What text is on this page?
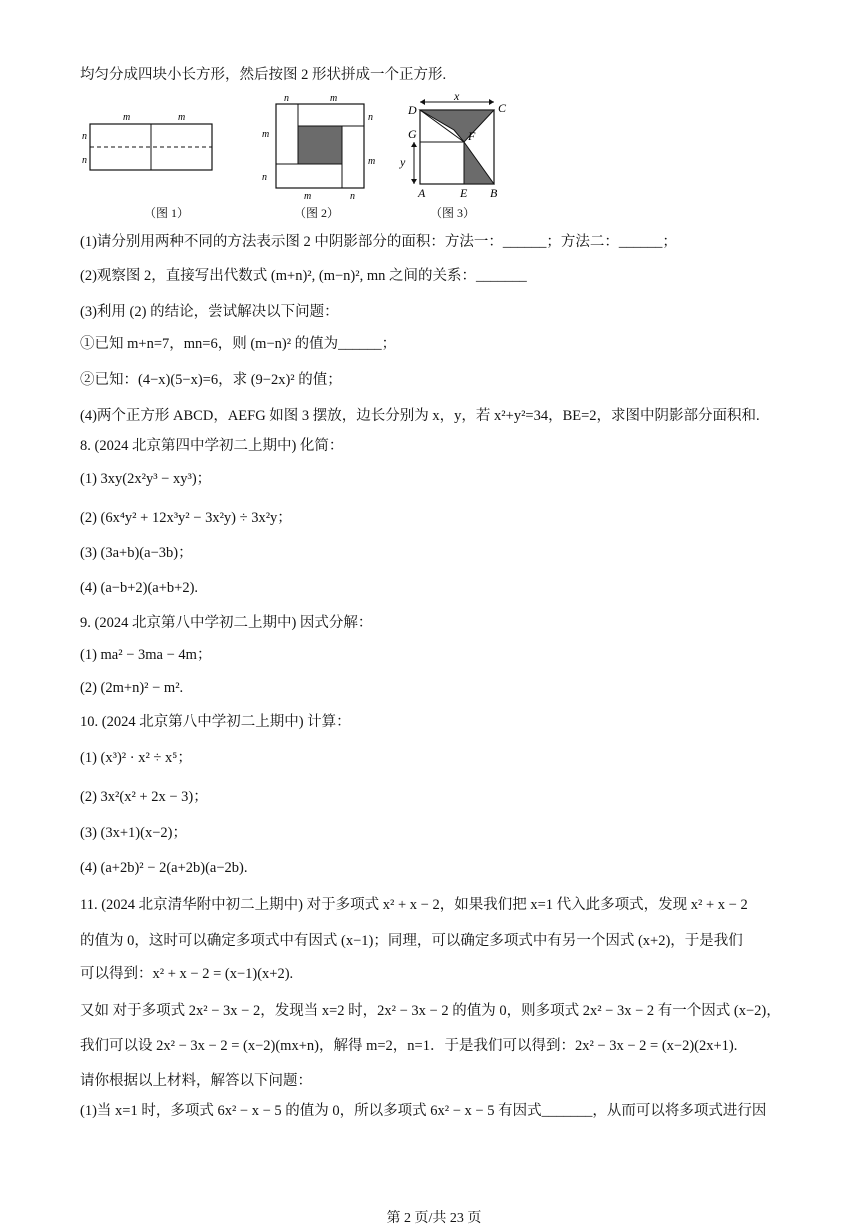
均匀分成四块小长方形，然后按图 2 形状拼成一个正方形.
m	m
n
n
（图 1）
n	m
m
n
m
n
m	n
（图 2）
x
D	C
G	F
y
A	E B
（图 3）
(1)请分别用两种不同的方法表示图 2 中阴影部分的面积：方法一：______；方法二：______；
(2)观察图 2，直接写出代数式 (m+n)², (m−n)², mn 之间的关系：_______
(3)利用 (2) 的结论，尝试解决以下问题：
①已知 m+n=7，mn=6，则 (m−n)² 的值为______；
②已知：(4−x)(5−x)=6，求 (9−2x)² 的值；
(4)两个正方形 ABCD，AEFG 如图 3 摆放，边长分别为 x，y，若 x²+y²=34，BE=2，求图中阴影部分面积和.
8. (2024 北京第四中学初二上期中) 化简：
(1) 3xy(2x²y³ − xy³)；
(2) (6x⁴y² + 12x³y² − 3x²y) ÷ 3x²y；
(3) (3a+b)(a−3b)；
(4) (a−b+2)(a+b+2).
9. (2024 北京第八中学初二上期中) 因式分解：
(1) ma² − 3ma − 4m；
(2) (2m+n)² − m².
10. (2024 北京第八中学初二上期中) 计算：
(1) (x³)² · x² ÷ x⁵；
(2) 3x²(x² + 2x − 3)；
(3) (3x+1)(x−2)；
(4) (a+2b)² − 2(a+2b)(a−2b).
11. (2024 北京清华附中初二上期中) 对于多项式 x² + x − 2，如果我们把 x=1 代入此多项式，发现 x² + x − 2
的值为 0，这时可以确定多项式中有因式 (x−1)；同理，可以确定多项式中有另一个因式 (x+2)，于是我们
可以得到：x² + x − 2 = (x−1)(x+2).
又如 对于多项式 2x² − 3x − 2，发现当 x=2 时，2x² − 3x − 2 的值为 0，则多项式 2x² − 3x − 2 有一个因式 (x−2)，
我们可以设 2x² − 3x − 2 = (x−2)(mx+n)，解得 m=2，n=1．于是我们可以得到：2x² − 3x − 2 = (x−2)(2x+1).
请你根据以上材料，解答以下问题：
(1)当 x=1 时，多项式 6x² − x − 5 的值为 0，所以多项式 6x² − x − 5 有因式_______，从而可以将多项式进行因
第 2 页/共 23 页
